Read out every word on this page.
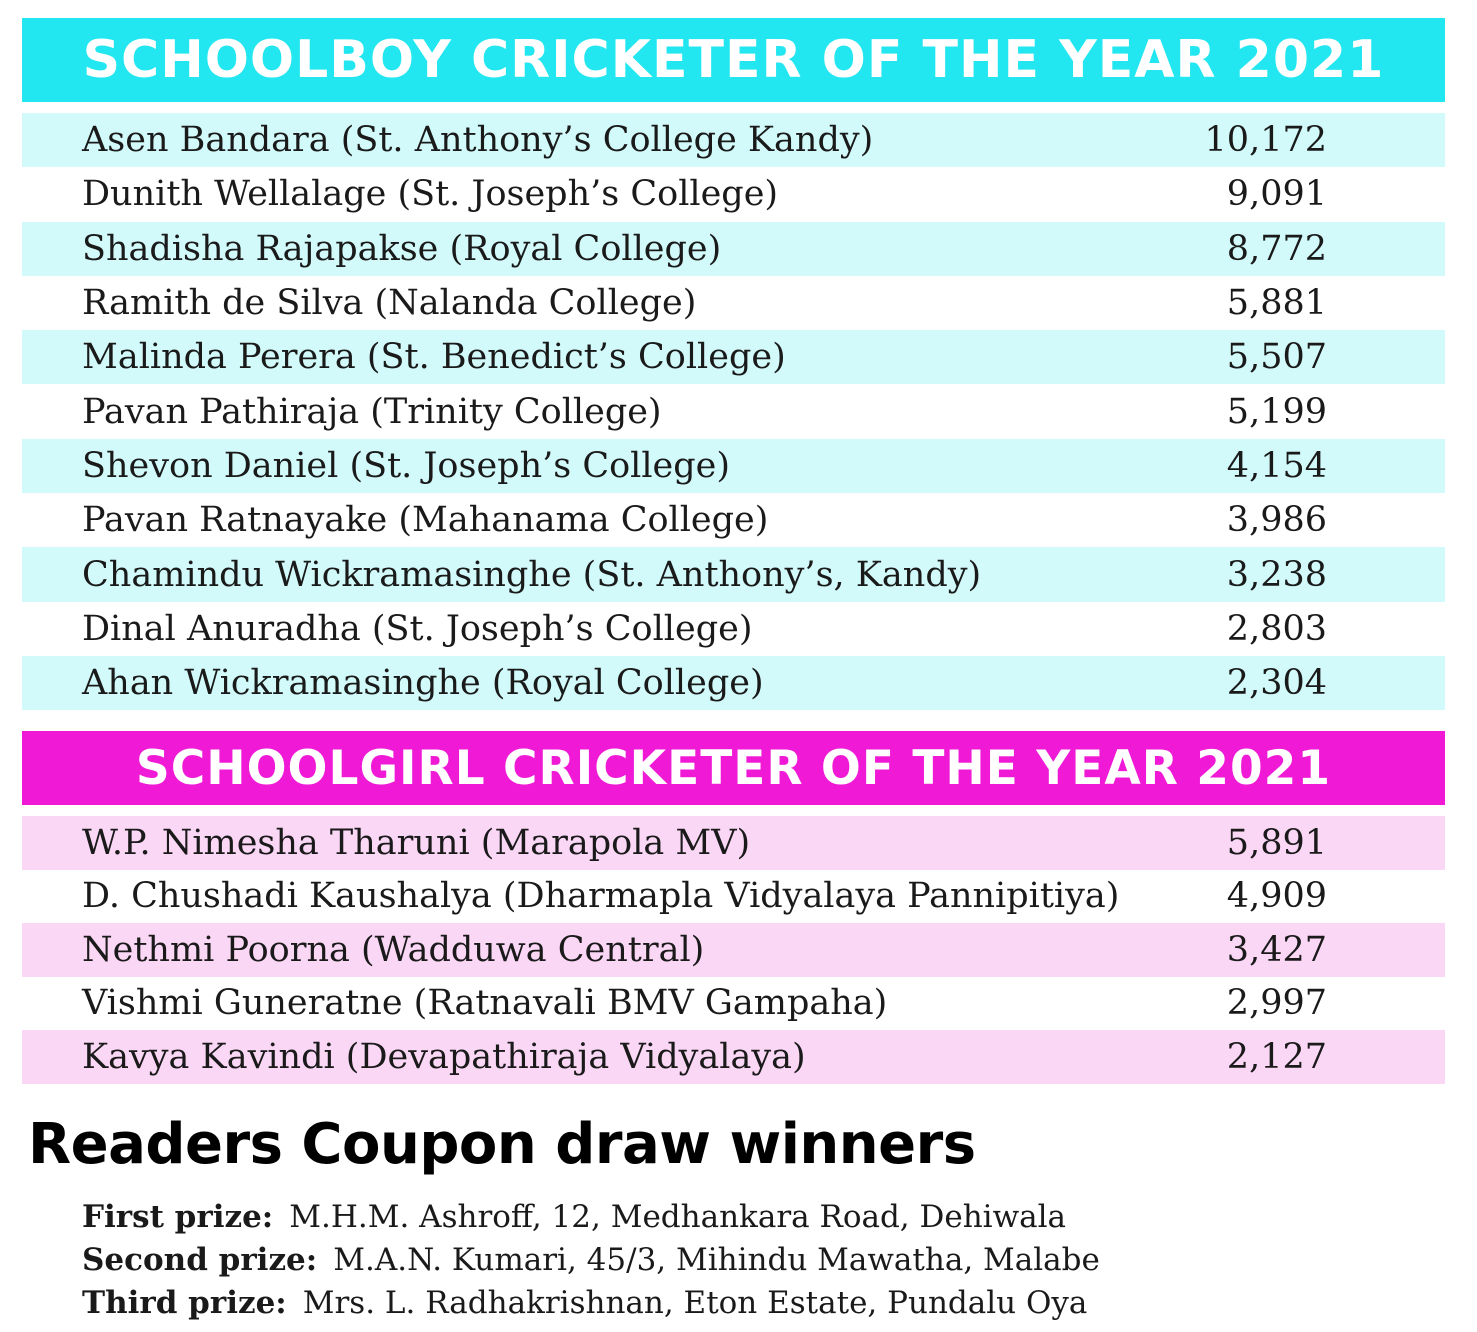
SCHOOLBOY CRICKETER OF THE YEAR 2021
Asen Bandara (St. Anthony’s College Kandy)	10,172
Dunith Wellalage (St. Joseph’s College)	9,091
Shadisha Rajapakse (Royal College)	8,772
Ramith de Silva (Nalanda College)	5,881
Malinda Perera (St. Benedict’s College)	5,507
Pavan Pathiraja (Trinity College)	5,199
Shevon Daniel (St. Joseph’s College)	4,154
Pavan Ratnayake (Mahanama College)	3,986
Chamindu Wickramasinghe (St. Anthony’s, Kandy)	3,238
Dinal Anuradha (St. Joseph’s College)	2,803
Ahan Wickramasinghe (Royal College)	2,304
SCHOOLGIRL CRICKETER OF THE YEAR 2021
W.P. Nimesha Tharuni (Marapola MV)	5,891
D. Chushadi Kaushalya (Dharmapla Vidyalaya Pannipitiya)	4,909
Nethmi Poorna (Wadduwa Central)	3,427
Vishmi Guneratne (Ratnavali BMV Gampaha)	2,997
Kavya Kavindi (Devapathiraja Vidyalaya)	2,127
Readers Coupon draw winners
First prize: M.H.M. Ashroff, 12, Medhankara Road, Dehiwala
Second prize: M.A.N. Kumari, 45/3, Mihindu Mawatha, Malabe
Third prize: Mrs. L. Radhakrishnan, Eton Estate, Pundalu Oya
